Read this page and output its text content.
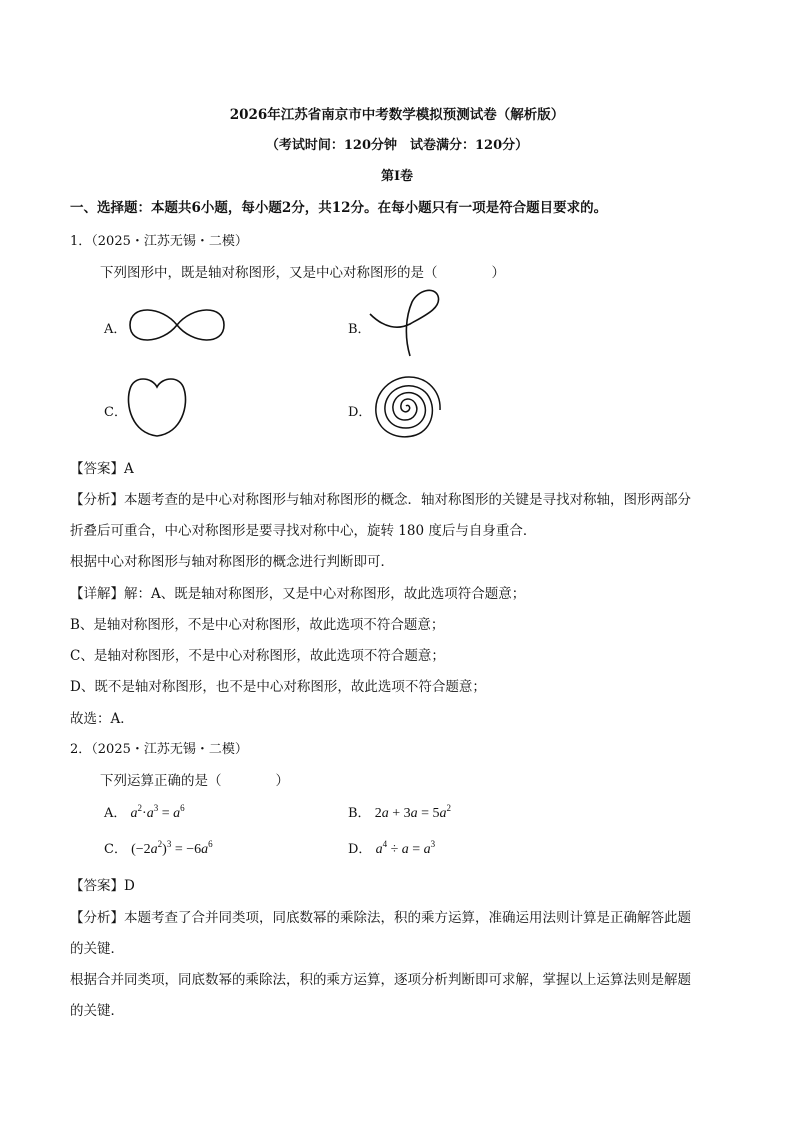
2026年江苏省南京市中考数学模拟预测试卷（解析版）
（考试时间：120分钟　试卷满分：120分）
第Ⅰ卷
一、选择题：本题共6小题，每小题2分，共12分。在每小题只有一项是符合题目要求的。
1．（2025・江苏无锡・二模）
下列图形中，既是轴对称图形，又是中心对称图形的是（　　　　）
A．	B．
C．	D．
【答案】A
【分析】本题考查的是中心对称图形与轴对称图形的概念．轴对称图形的关键是寻找对称轴，图形两部分
折叠后可重合，中心对称图形是要寻找对称中心，旋转 180 度后与自身重合．
根据中心对称图形与轴对称图形的概念进行判断即可．
【详解】解：A、既是轴对称图形，又是中心对称图形，故此选项符合题意；
B、是轴对称图形，不是中心对称图形，故此选项不符合题意；
C、是轴对称图形，不是中心对称图形，故此选项不符合题意；
D、既不是轴对称图形，也不是中心对称图形，故此选项不符合题意；
故选：A．
2．（2025・江苏无锡・二模）
下列运算正确的是（　　　　）
A． $a^2\cdot a^3 = a^6$	B． $2a + 3a = 5a^2$
C． $(-2a^2)^3 = -6a^6$	D． $a^4 \div a = a^3$
【答案】D
【分析】本题考查了合并同类项，同底数幂的乘除法，积的乘方运算，准确运用法则计算是正确解答此题
的关键．
根据合并同类项，同底数幂的乘除法，积的乘方运算，逐项分析判断即可求解，掌握以上运算法则是解题
的关键．
